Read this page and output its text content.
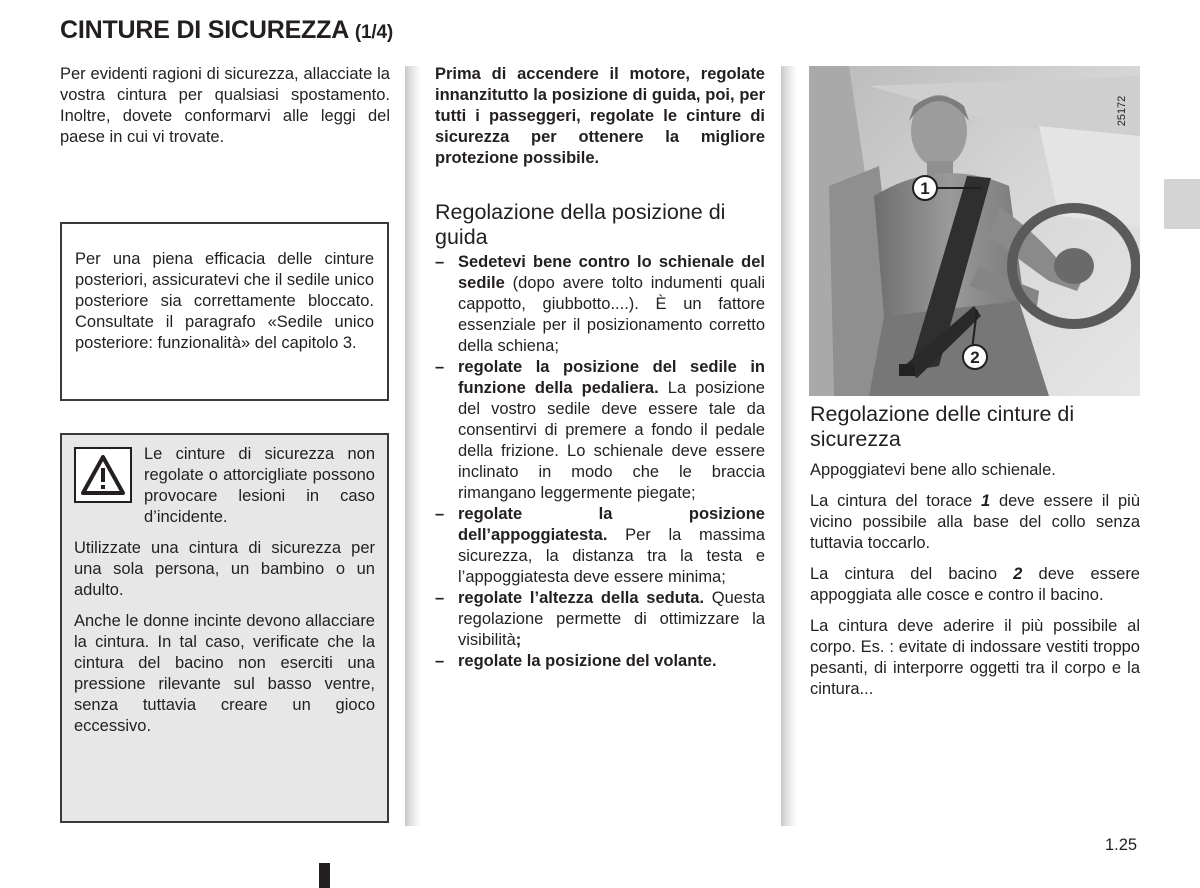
CINTURE DI SICUREZZA (1/4)

Per evidenti ragioni di sicurezza, allacciate la vostra cintura per qualsiasi spostamento. Inoltre, dovete conformarvi alle leggi del paese in cui vi trovate.

Per una piena efficacia delle cinture posteriori, assicuratevi che il sedile unico posteriore sia correttamente bloccato. Consultate il paragrafo «Sedile unico posteriore: funzionalità» del capitolo 3.

Le cinture di sicurezza non regolate o attorcigliate possono provocare lesioni in caso d’incidente.

Utilizzate una cintura di sicurezza per una sola persona, un bambino o un adulto.

Anche le donne incinte devono allacciare la cintura. In tal caso, verificate che la cintura del bacino non eserciti una pressione rilevante sul basso ventre, senza tuttavia creare un gioco eccessivo.

Prima di accendere il motore, regolate innanzitutto la posizione di guida, poi, per tutti i passeggeri, regolate le cinture di sicurezza per ottenere la migliore protezione possibile.

Regolazione della posizione di guida
– Sedetevi bene contro lo schienale del sedile (dopo avere tolto indumenti quali cappotto, giubbotto....). È un fattore essenziale per il posizionamento corretto della schiena;
– regolate la posizione del sedile in funzione della pedaliera. La posizione del vostro sedile deve essere tale da consentirvi di premere a fondo il pedale della frizione. Lo schienale deve essere inclinato in modo che le braccia rimangano leggermente piegate;
– regolate la posizione dell’appoggiatesta. Per la massima sicurezza, la distanza tra la testa e l’appoggiatesta deve essere minima;
– regolate l’altezza della seduta. Questa regolazione permette di ottimizzare la visibilità;
– regolate la posizione del volante.
1
2
25172
Regolazione delle cinture di sicurezza

Appoggiatevi bene allo schienale.

La cintura del torace 1 deve essere il più vicino possibile alla base del collo senza tuttavia toccarlo.

La cintura del bacino 2 deve essere appoggiata alle cosce e contro il bacino.

La cintura deve aderire il più possibile al corpo. Es. : evitate di indossare vestiti troppo pesanti, di interporre oggetti tra il corpo e la cintura...

1.25
